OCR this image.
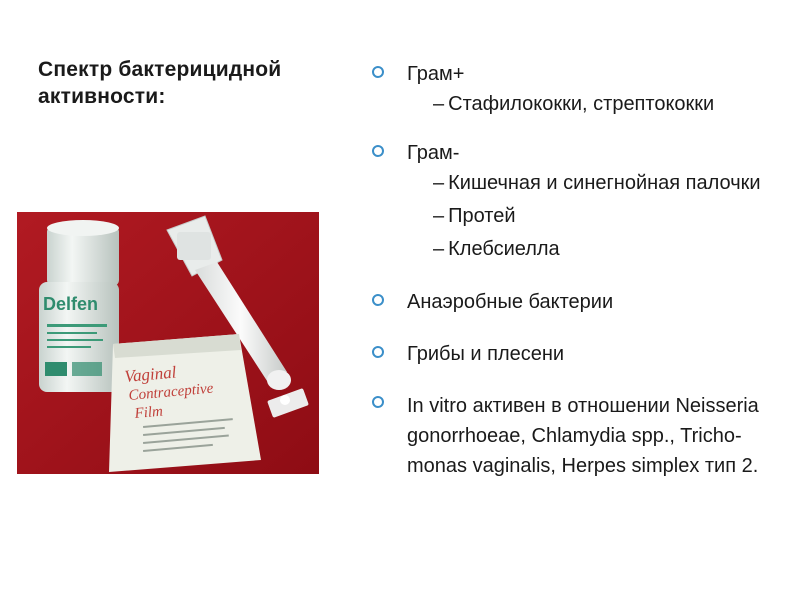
Спектр бактерицидной
активности:
Delfen
Vaginal
Contraceptive
Film
Грам+
– Стафилококки, стрептококки
Грам-
– Кишечная и синегнойная палочки
– Протей
– Клебсиелла
Анаэробные бактерии
Грибы и плесени
In vitro активен в отношении Neisseria
gonorrhoeae, Chlamydia spp., Tricho-
monas vaginalis, Herpes simplex тип 2.
